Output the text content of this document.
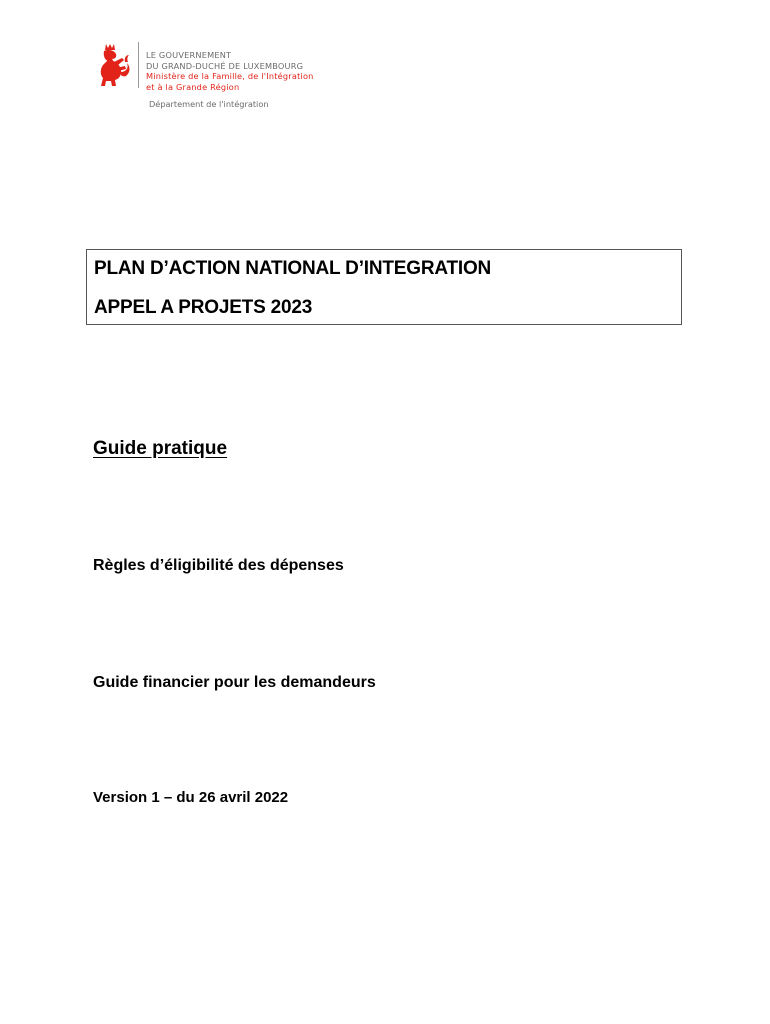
LE GOUVERNEMENT
DU GRAND-DUCHÉ DE LUXEMBOURG
Ministère de la Famille, de l'Intégration
et à la Grande Région
Département de l'intégration
PLAN D’ACTION NATIONAL D’INTEGRATION
APPEL A PROJETS 2023
Guide pratique
Règles d’éligibilité des dépenses
Guide financier pour les demandeurs
Version 1 – du 26 avril 2022
